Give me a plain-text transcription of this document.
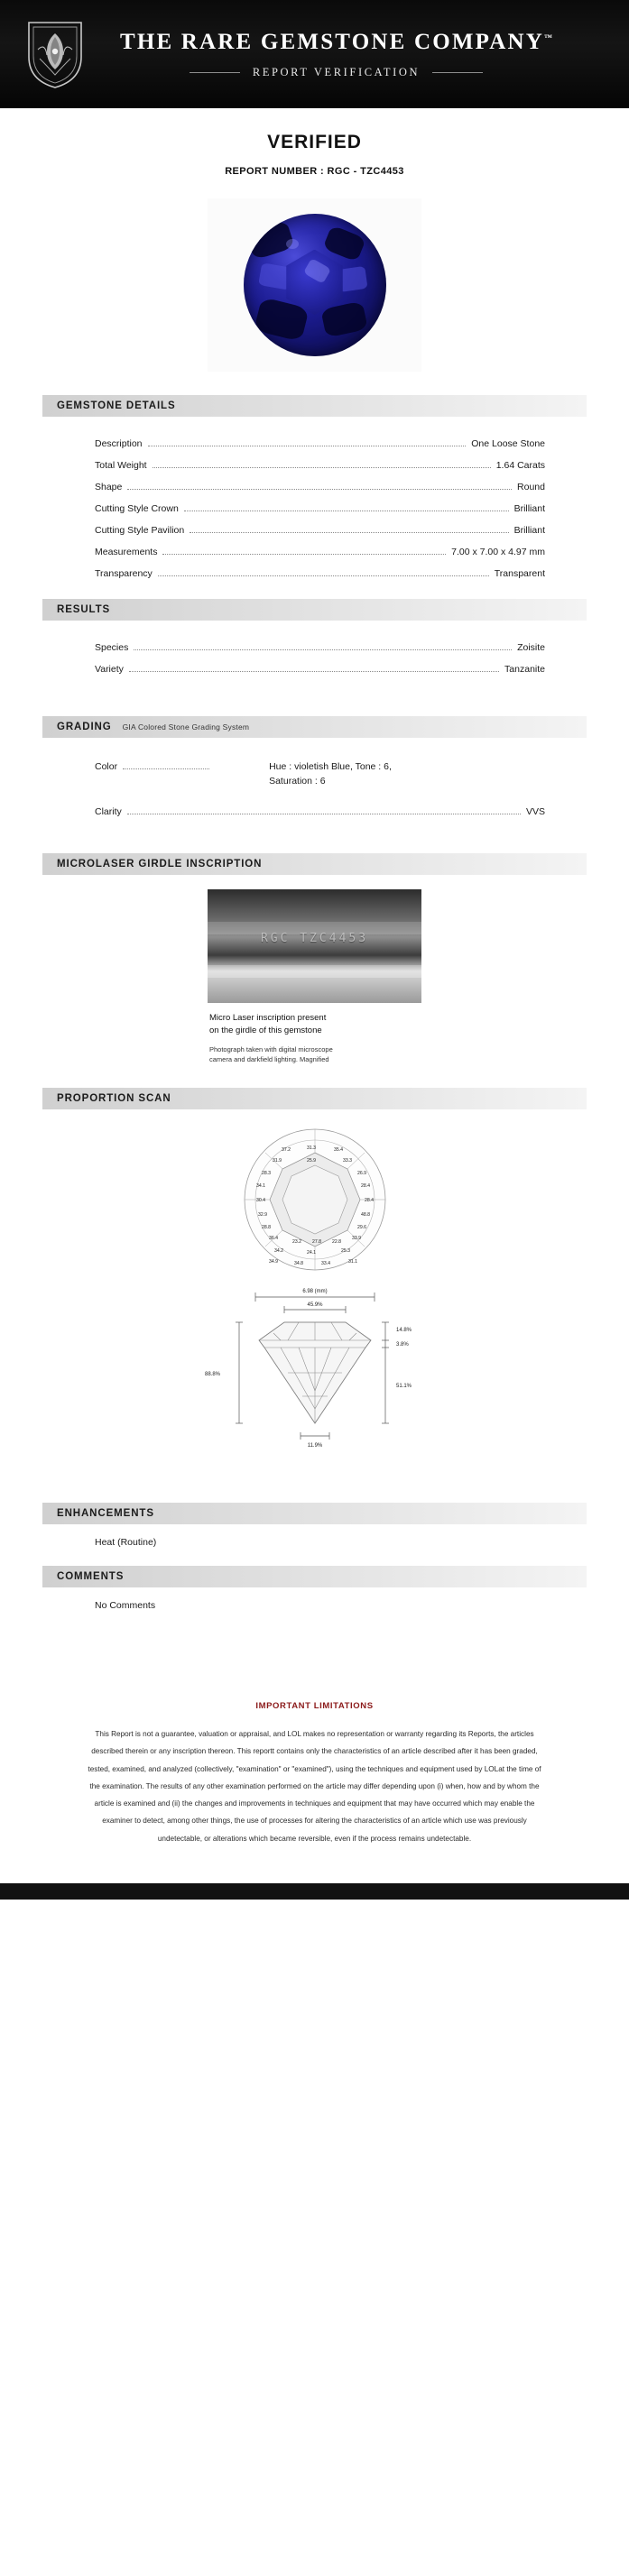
THE RARE GEMSTONE COMPANY™
REPORT VERIFICATION
VERIFIED
REPORT NUMBER : RGC - TZC4453
GEMSTONE DETAILS
Description	One Loose Stone
Total Weight	1.64 Carats
Shape	Round
Cutting Style Crown	Brilliant
Cutting Style Pavilion	Brilliant
Measurements	7.00 x 7.00 x 4.97 mm
Transparency	Transparent
RESULTS
Species	Zoisite
Variety	Tanzanite
GRADING GIA Colored Stone Grading System
Color	Hue : violetish Blue, Tone : 6,
Saturation : 6
Clarity	VVS
MICROLASER GIRDLE INSCRIPTION
RGC TZC4453
Micro Laser inscription present
on the girdle of this gemstone
Photograph taken with digital microscope
camera and darkfield lighting. Magnified
PROPORTION SCAN
37.2	31.3	35.4
31.9	25.9	33.3
28.3	26.9
34.1	28.4
30.4	28.4
32.9	48.8
28.8	29.6
36.4
23.2 27.8 22.8
33.9
34.2	24.1	25.3
34.9	34.8	33.4	31.1
6.98 (mm)
45.9%
14.8%
3.8%
51.1%
88.8%
11.9%
ENHANCEMENTS
Heat (Routine)
COMMENTS
No Comments
IMPORTANT LIMITATIONS

This Report is not a guarantee, valuation or appraisal, and LOL makes no representation or warranty regarding its Reports, the articles described therein or any inscription thereon. This reportt contains only the characteristics of an article described after it has been graded, tested, examined, and analyzed (collectively, "examination" or "examined"), using the techniques and equipment used by LOLat the time of the examination. The results of any other examination performed on the article may differ depending upon (i) when, how and by whom the article is examined and (ii) the changes and improvements in techniques and equipment that may have occurred which may enable the examiner to detect, among other things, the use of processes for altering the characteristics of an article which use was previously undetectable, or alterations which became reversible, even if the process remains undetectable.
